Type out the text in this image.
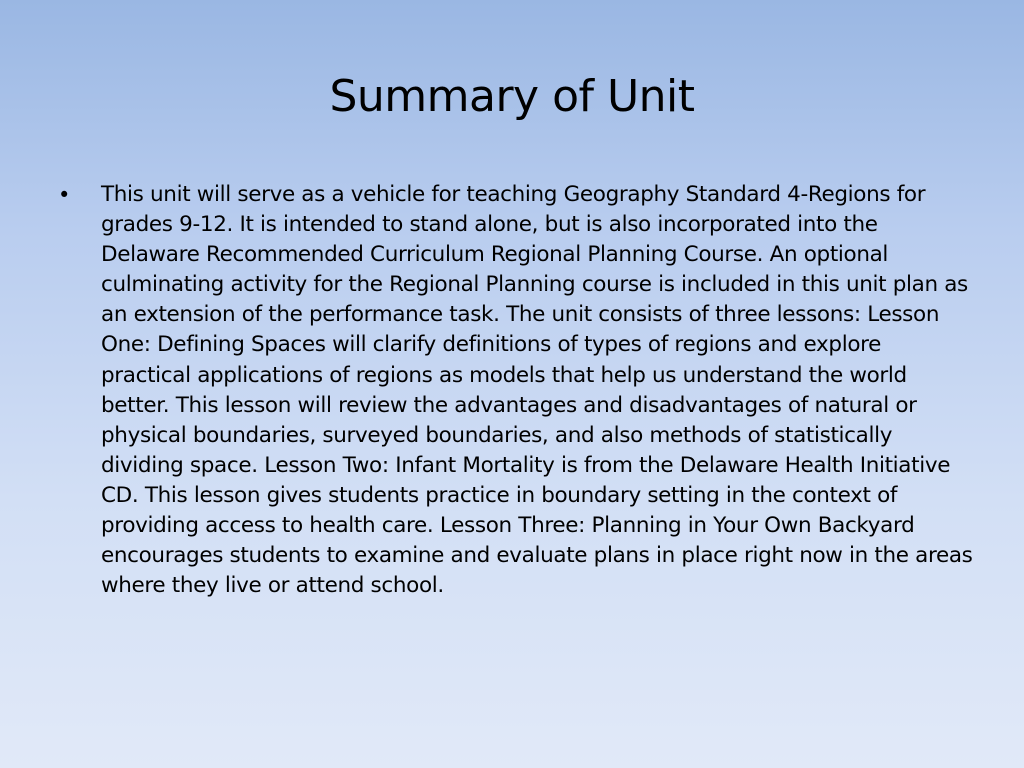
Summary of Unit
• This unit will serve as a vehicle for teaching Geography Standard 4-Regions for grades 9-12. It is intended to stand alone, but is also incorporated into the Delaware Recommended Curriculum Regional Planning Course. An optional culminating activity for the Regional Planning course is included in this unit plan as an extension of the performance task. The unit consists of three lessons: Lesson One: Defining Spaces will clarify definitions of types of regions and explore practical applications of regions as models that help us understand the world better. This lesson will review the advantages and disadvantages of natural or physical boundaries, surveyed boundaries, and also methods of statistically dividing space. Lesson Two: Infant Mortality is from the Delaware Health Initiative CD. This lesson gives students practice in boundary setting in the context of providing access to health care. Lesson Three: Planning in Your Own Backyard encourages students to examine and evaluate plans in place right now in the areas where they live or attend school.
